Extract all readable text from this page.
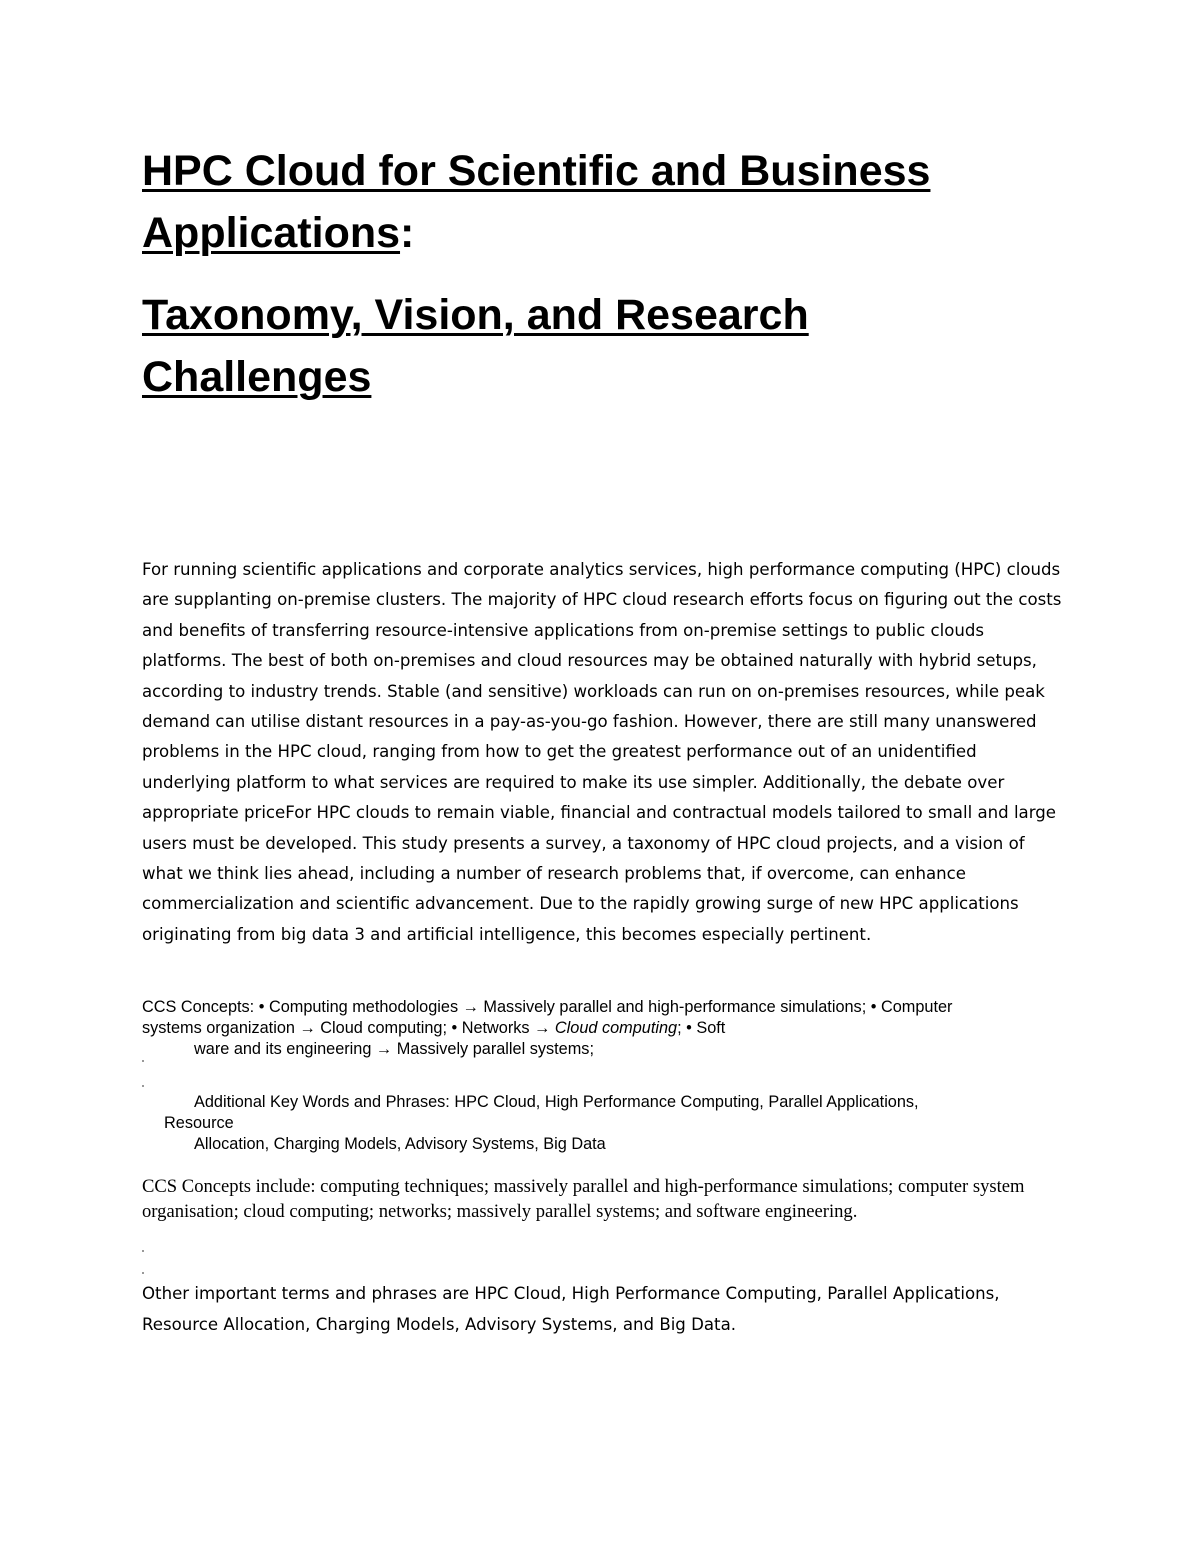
HPC Cloud for Scientific and Business
Applications:
Taxonomy, Vision, and Research
Challenges

For running scientific applications and corporate analytics services, high performance computing (HPC) clouds are supplanting on-premise clusters. The majority of HPC cloud research efforts focus on figuring out the costs and benefits of transferring resource-intensive applications from on-premise settings to public clouds platforms. The best of both on-premises and cloud resources may be obtained naturally with hybrid setups, according to industry trends. Stable (and sensitive) workloads can run on on-premises resources, while peak demand can utilise distant resources in a pay-as-you-go fashion. However, there are still many unanswered problems in the HPC cloud, ranging from how to get the greatest performance out of an unidentified underlying platform to what services are required to make its use simpler. Additionally, the debate over appropriate priceFor HPC clouds to remain viable, financial and contractual models tailored to small and large users must be developed. This study presents a survey, a taxonomy of HPC cloud projects, and a vision of what we think lies ahead, including a number of research problems that, if overcome, can enhance commercialization and scientific advancement. Due to the rapidly growing surge of new HPC applications originating from big data 3 and artificial intelligence, this becomes especially pertinent.

CCS Concepts: • Computing methodologies → Massively parallel and high-performance simulations; • Computer systems organization → Cloud computing; • Networks → Cloud computing; • Soft
ware and its engineering → Massively parallel systems;

Additional Key Words and Phrases: HPC Cloud, High Performance Computing, Parallel Applications,
Resource
Allocation, Charging Models, Advisory Systems, Big Data

CCS Concepts include: computing techniques; massively parallel and high-performance simulations; computer system organisation; cloud computing; networks; massively parallel systems; and software engineering.

Other important terms and phrases are HPC Cloud, High Performance Computing, Parallel Applications, Resource Allocation, Charging Models, Advisory Systems, and Big Data.
